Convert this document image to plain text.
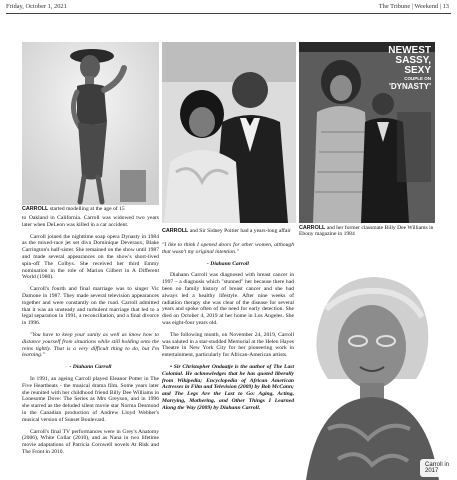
Friday, October 1, 2021	The Tribune | Weekend | 13
CARROLL started modelling at the age of 15
CARROLL and Sir Sidney Poitier had a years-long affair
NEWEST
SASSY,
SEXY
COUPLE ON
'DYNASTY'
CARROLL and her former classmate Billy Dee Williams in Ebony magazine in 1984
Carroll in 2017

to Oakland in California. Carroll was widowed two years later when DeLeon was killed in a car accident.

Carroll joined the nighttime soap opera Dynasty in 1984 as the mixed-race jet set diva Dominique Deveraux, Blake Carrington's half-sister. She remained on the show until 1987 and made several appearances on the show's short-lived spin-off The Colbys. She received her third Emmy nomination in the role of Marion Gilbert in A Different World (1980).

Carroll's fourth and final marriage was to singer Vic Damone in 1987. They made several television appearances together and were constantly on the road. Carroll admitted that it was an unsteady and turbulent marriage that led to a legal separation in 1991, a reconciliation, and a final divorce in 1996.

"You have to keep your sanity as well as know how to distance yourself from situations while still holding onto the reins tightly. That is a very difficult thing to do, but I'm learning."

- Diahann Carroll

In 1991, an ageing Carroll played Eleanor Potter in The Five Heartbeats - the musical drama film. Some years later she reunited with her childhood friend Billy Dee Williams in Lonesome Dove: The Series as Mrs Greyson, and in 1996 she starred as the deluded silent movie star Norma Desmond in the Canadian production of Andrew Lloyd Webber's musical version of Sunset Boulevard.

Carroll's final TV performances were in Grey's Anatomy (2006), White Collar (2010), and as Nana in two lifetime movie adaptations of Patricia Cornwell novels At Risk and The Front in 2010.

"I like to think I opened doors for other women, although that wasn't my original intention."

- Diahann Carroll

Diahann Carroll was diagnosed with breast cancer in 1997 – a diagnosis which "stunned" her because there had been no family history of breast cancer and she had always led a healthy lifestyle. After nine weeks of radiation therapy she was clear of the disease for several years and spoke often of the need for early detection. She died on October 4, 2019 at her home in Los Angeles. She was eight-four years old.

The following month, on November 24, 2019, Carroll was saluted in a star-studded Memorial at the Helen Hayes Theatre in New York City for her pioneering work in entertainment, particularly for African-American artists.

• Sir Christopher Ondaatje is the author of The Last Colonial. He acknowledges that he has quoted liberally from Wikipedia; Encyclopedia of African American Actresses in Film and Television (2009) by Bob McCann; and The Legs Are the Last to Go: Aging, Acting, Marrying, Mothering, and Other Things I Learned Along the Way (2009) by Diahann Carroll.
